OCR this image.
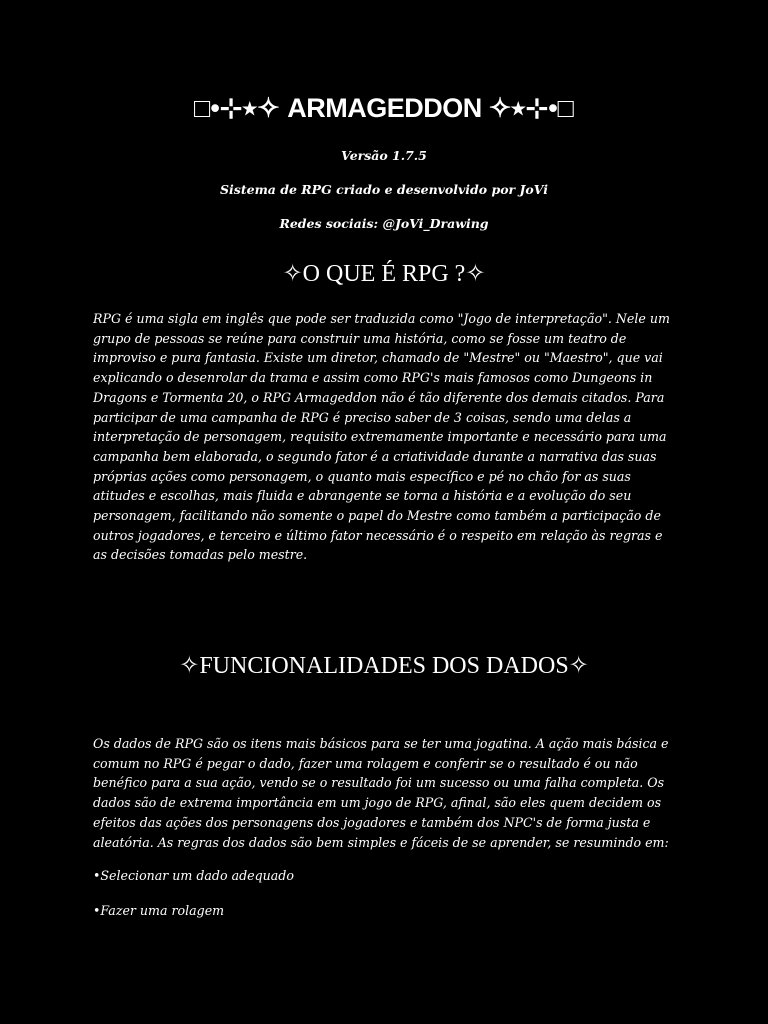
□•⊹٭✧ ARMAGEDDON ✧٭⊹•□
Versão 1.7.5
Sistema de RPG criado e desenvolvido por JoVi
Redes sociais: @JoVi_Drawing
✧O QUE É RPG ?✧

RPG é uma sigla em inglês que pode ser traduzida como "Jogo de interpretação". Nele um grupo de pessoas se reúne para construir uma história, como se fosse um teatro de improviso e pura fantasia. Existe um diretor, chamado de "Mestre" ou "Maestro", que vai explicando o desenrolar da trama e assim como RPG's mais famosos como Dungeons in Dragons e Tormenta 20, o RPG Armageddon não é tão diferente dos demais citados. Para participar de uma campanha de RPG é preciso saber de 3 coisas, sendo uma delas a interpretação de personagem, requisito extremamente importante e necessário para uma campanha bem elaborada, o segundo fator é a criatividade durante a narrativa das suas próprias ações como personagem, o quanto mais específico e pé no chão for as suas atitudes e escolhas, mais fluida e abrangente se torna a história e a evolução do seu personagem, facilitando não somente o papel do Mestre como também a participação de outros jogadores, e terceiro e último fator necessário é o respeito em relação às regras e as decisões tomadas pelo mestre.

✧FUNCIONALIDADES DOS DADOS✧

Os dados de RPG são os itens mais básicos para se ter uma jogatina. A ação mais básica e comum no RPG é pegar o dado, fazer uma rolagem e conferir se o resultado é ou não benéfico para a sua ação, vendo se o resultado foi um sucesso ou uma falha completa. Os dados são de extrema importância em um jogo de RPG, afinal, são eles quem decidem os efeitos das ações dos personagens dos jogadores e também dos NPC's de forma justa e aleatória. As regras dos dados são bem simples e fáceis de se aprender, se resumindo em:

•Selecionar um dado adequado
•Fazer uma rolagem
